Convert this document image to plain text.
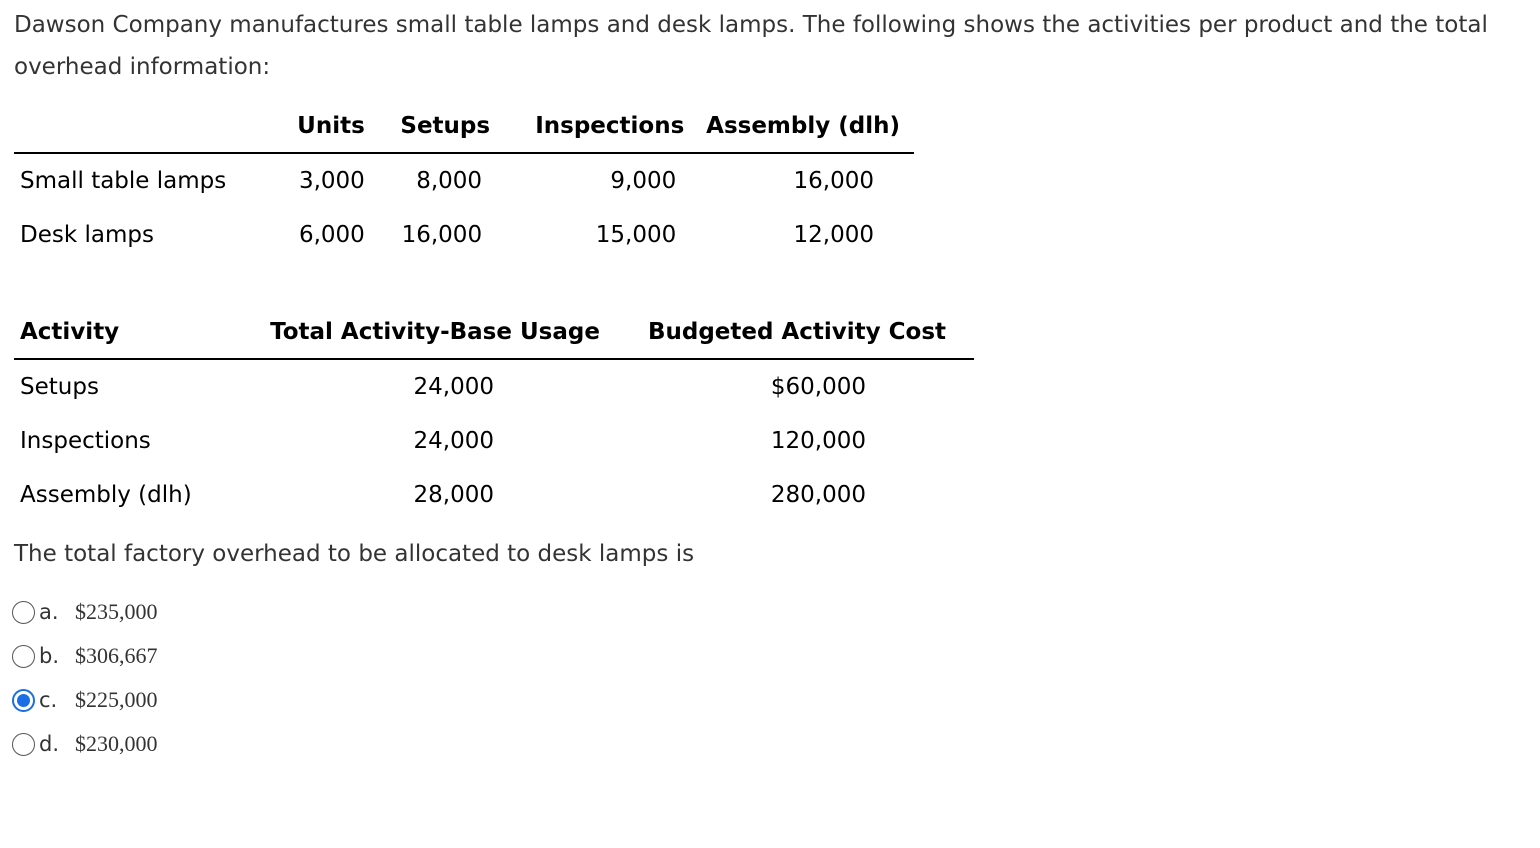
Dawson Company manufactures small table lamps and desk lamps. The following shows the activities per product and the total overhead information:
	Units	Setups	Inspections	Assembly (dlh)
Small table lamps	3,000	8,000	9,000	16,000
Desk lamps	6,000	16,000	15,000	12,000
Activity	Total Activity-Base Usage	Budgeted Activity Cost
Setups	24,000	$60,000
Inspections	24,000	120,000
Assembly (dlh)	28,000	280,000
The total factory overhead to be allocated to desk lamps is
a. $235,000
b. $306,667
c. $225,000
d. $230,000
